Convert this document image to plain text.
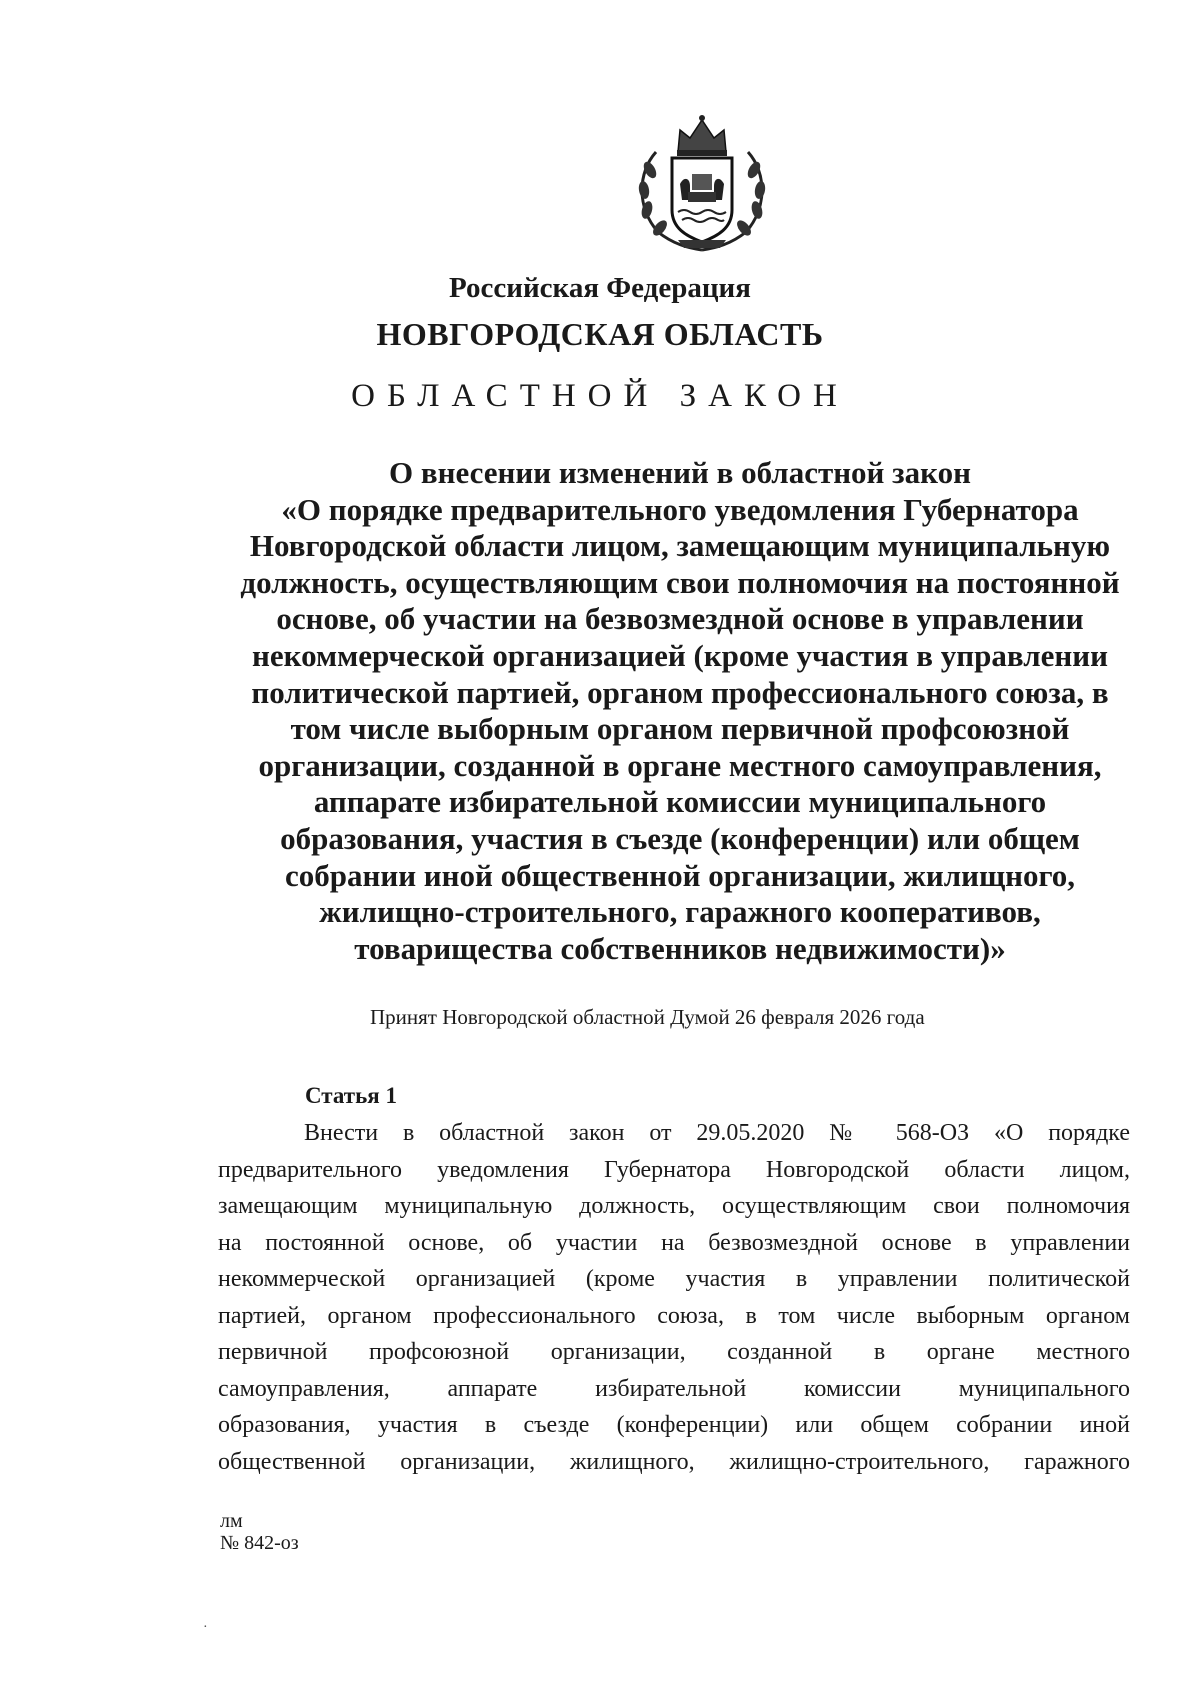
Российская Федерация
НОВГОРОДСКАЯ ОБЛАСТЬ
ОБЛАСТНОЙ ЗАКОН
О внесении изменений в областной закон
«О порядке предварительного уведомления Губернатора
Новгородской области лицом, замещающим муниципальную
должность, осуществляющим свои полномочия на постоянной
основе, об участии на безвозмездной основе в управлении
некоммерческой организацией (кроме участия в управлении
политической партией, органом профессионального союза, в
том числе выборным органом первичной профсоюзной
организации, созданной в органе местного самоуправления,
аппарате избирательной комиссии муниципального
образования, участия в съезде (конференции) или общем
собрании иной общественной организации, жилищного,
жилищно-строительного, гаражного кооперативов,
товарищества собственников недвижимости)»
Принят Новгородской областной Думой 26 февраля 2026 года
Статья 1
Внести в областной закон от 29.05.2020 № 568-ОЗ «О порядке
предварительного уведомления Губернатора Новгородской области лицом,
замещающим муниципальную должность, осуществляющим свои полномочия
на постоянной основе, об участии на безвозмездной основе в управлении
некоммерческой организацией (кроме участия в управлении политической
партией, органом профессионального союза, в том числе выборным органом
первичной профсоюзной организации, созданной в органе местного
самоуправления, аппарате избирательной комиссии муниципального
образования, участия в съезде (конференции) или общем собрании иной
общественной организации, жилищного, жилищно-строительного, гаражного
лм
№ 842-оз
·
